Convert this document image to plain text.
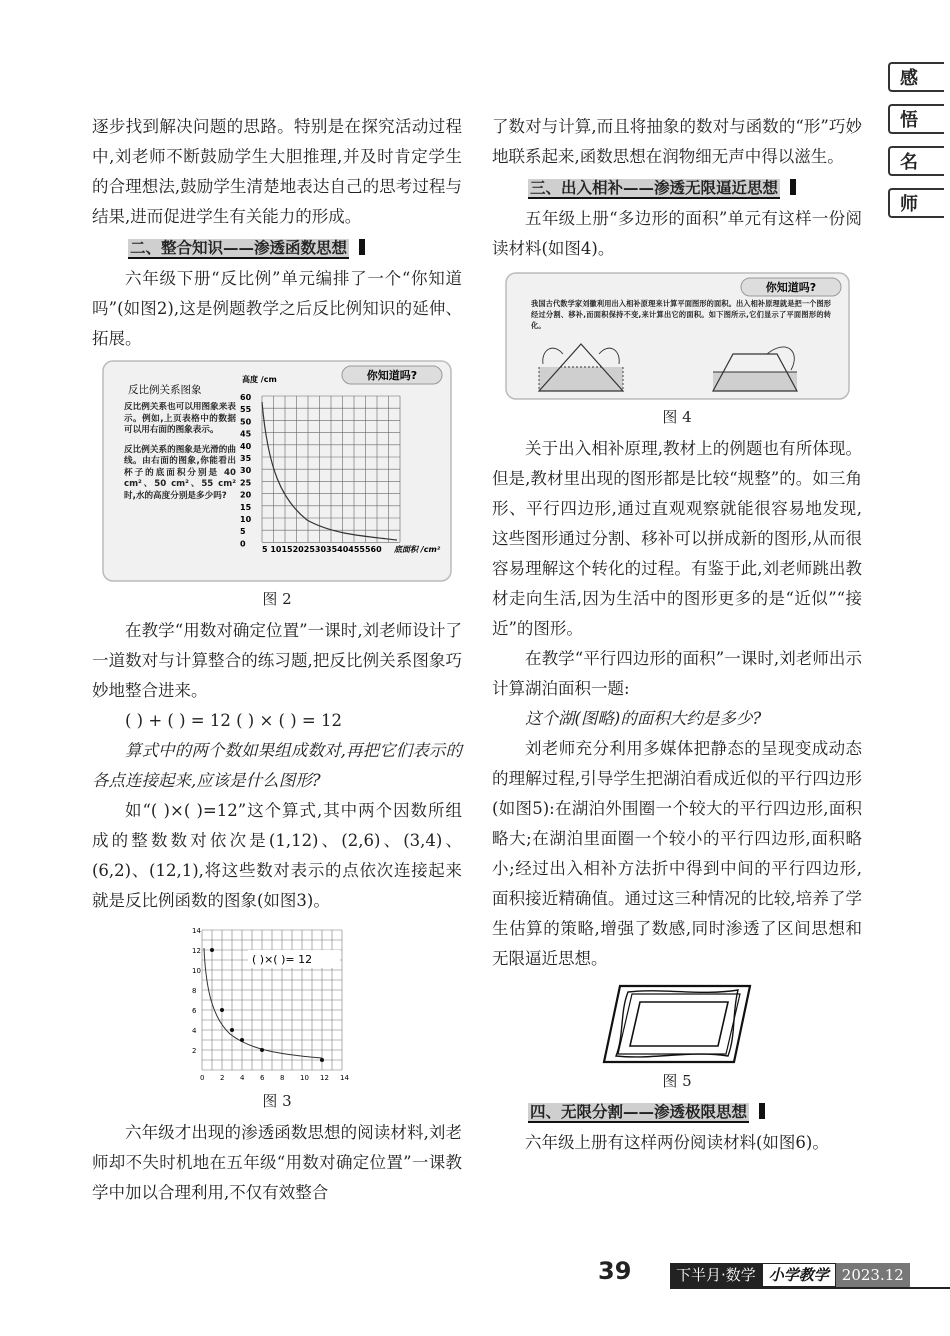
感
悟
名
师

逐步找到解决问题的思路。特别是在探究活动过程中,刘老师不断鼓励学生大胆推理,并及时肯定学生的合理想法,鼓励学生清楚地表达自己的思考过程与结果,进而促进学生有关能力的形成。

二、整合知识——渗透函数思想

六年级下册“反比例”单元编排了一个“你知道吗”(如图2),这是例题教学之后反比例知识的延伸、拓展。

你知道吗?
反比例关系图象
反比例关系也可以用图象来表示。例如,上页表格中的数据可以用右面的图象表示。
反比例关系的图象是光滑的曲线。由右面的图象,你能看出杯子的底面积分别是 40 cm²、50 cm²、55 cm² 时,水的高度分别是多少吗?
高度 /cm
60
55
50
45
40
35
30
25
20
15
10
5
0
5 10152025303540455560 底面积 /cm²
图 2

在教学“用数对确定位置”一课时,刘老师设计了一道数对与计算整合的练习题,把反比例关系图象巧妙地整合进来。

( ) + ( ) = 12 ( ) × ( ) = 12

算式中的两个数如果组成数对,再把它们表示的各点连接起来,应该是什么图形?

如“( )×( )=12”这个算式,其中两个因数所组成的整数数对依次是(1,12)、(2,6)、(3,4)、(6,2)、(12,1),将这些数对表示的点依次连接起来就是反比例函数的图象(如图3)。

14
12
10
8
6
4
2
0 2 4 6 8 10 12 14
( )×( )= 12
图 3

六年级才出现的渗透函数思想的阅读材料,刘老师却不失时机地在五年级“用数对确定位置”一课教学中加以合理利用,不仅有效整合

了数对与计算,而且将抽象的数对与函数的“形”巧妙地联系起来,函数思想在润物细无声中得以滋生。

三、出入相补——渗透无限逼近思想

五年级上册“多边形的面积”单元有这样一份阅读材料(如图4)。

你知道吗?
我国古代数学家刘徽利用出入相补原理来计算平面图形的面积。出入相补原理就是把一个图形经过分割、移补,而面积保持不变,来计算出它的面积。如下图所示,它们显示了平面图形的转化。
图 4

关于出入相补原理,教材上的例题也有所体现。但是,教材里出现的图形都是比较“规整”的。如三角形、平行四边形,通过直观观察就能很容易地发现,这些图形通过分割、移补可以拼成新的图形,从而很容易理解这个转化的过程。有鉴于此,刘老师跳出教材走向生活,因为生活中的图形更多的是“近似”“接近”的图形。

在教学“平行四边形的面积”一课时,刘老师出示计算湖泊面积一题:

这个湖(图略)的面积大约是多少?

刘老师充分利用多媒体把静态的呈现变成动态的理解过程,引导学生把湖泊看成近似的平行四边形(如图5):在湖泊外围圈一个较大的平行四边形,面积略大;在湖泊里面圈一个较小的平行四边形,面积略小;经过出入相补方法折中得到中间的平行四边形,面积接近精确值。通过这三种情况的比较,培养了学生估算的策略,增强了数感,同时渗透了区间思想和无限逼近思想。

图 5
四、无限分割——渗透极限思想

六年级上册有这样两份阅读材料(如图6)。

39	下半月·数学 小学教学 2023.12
